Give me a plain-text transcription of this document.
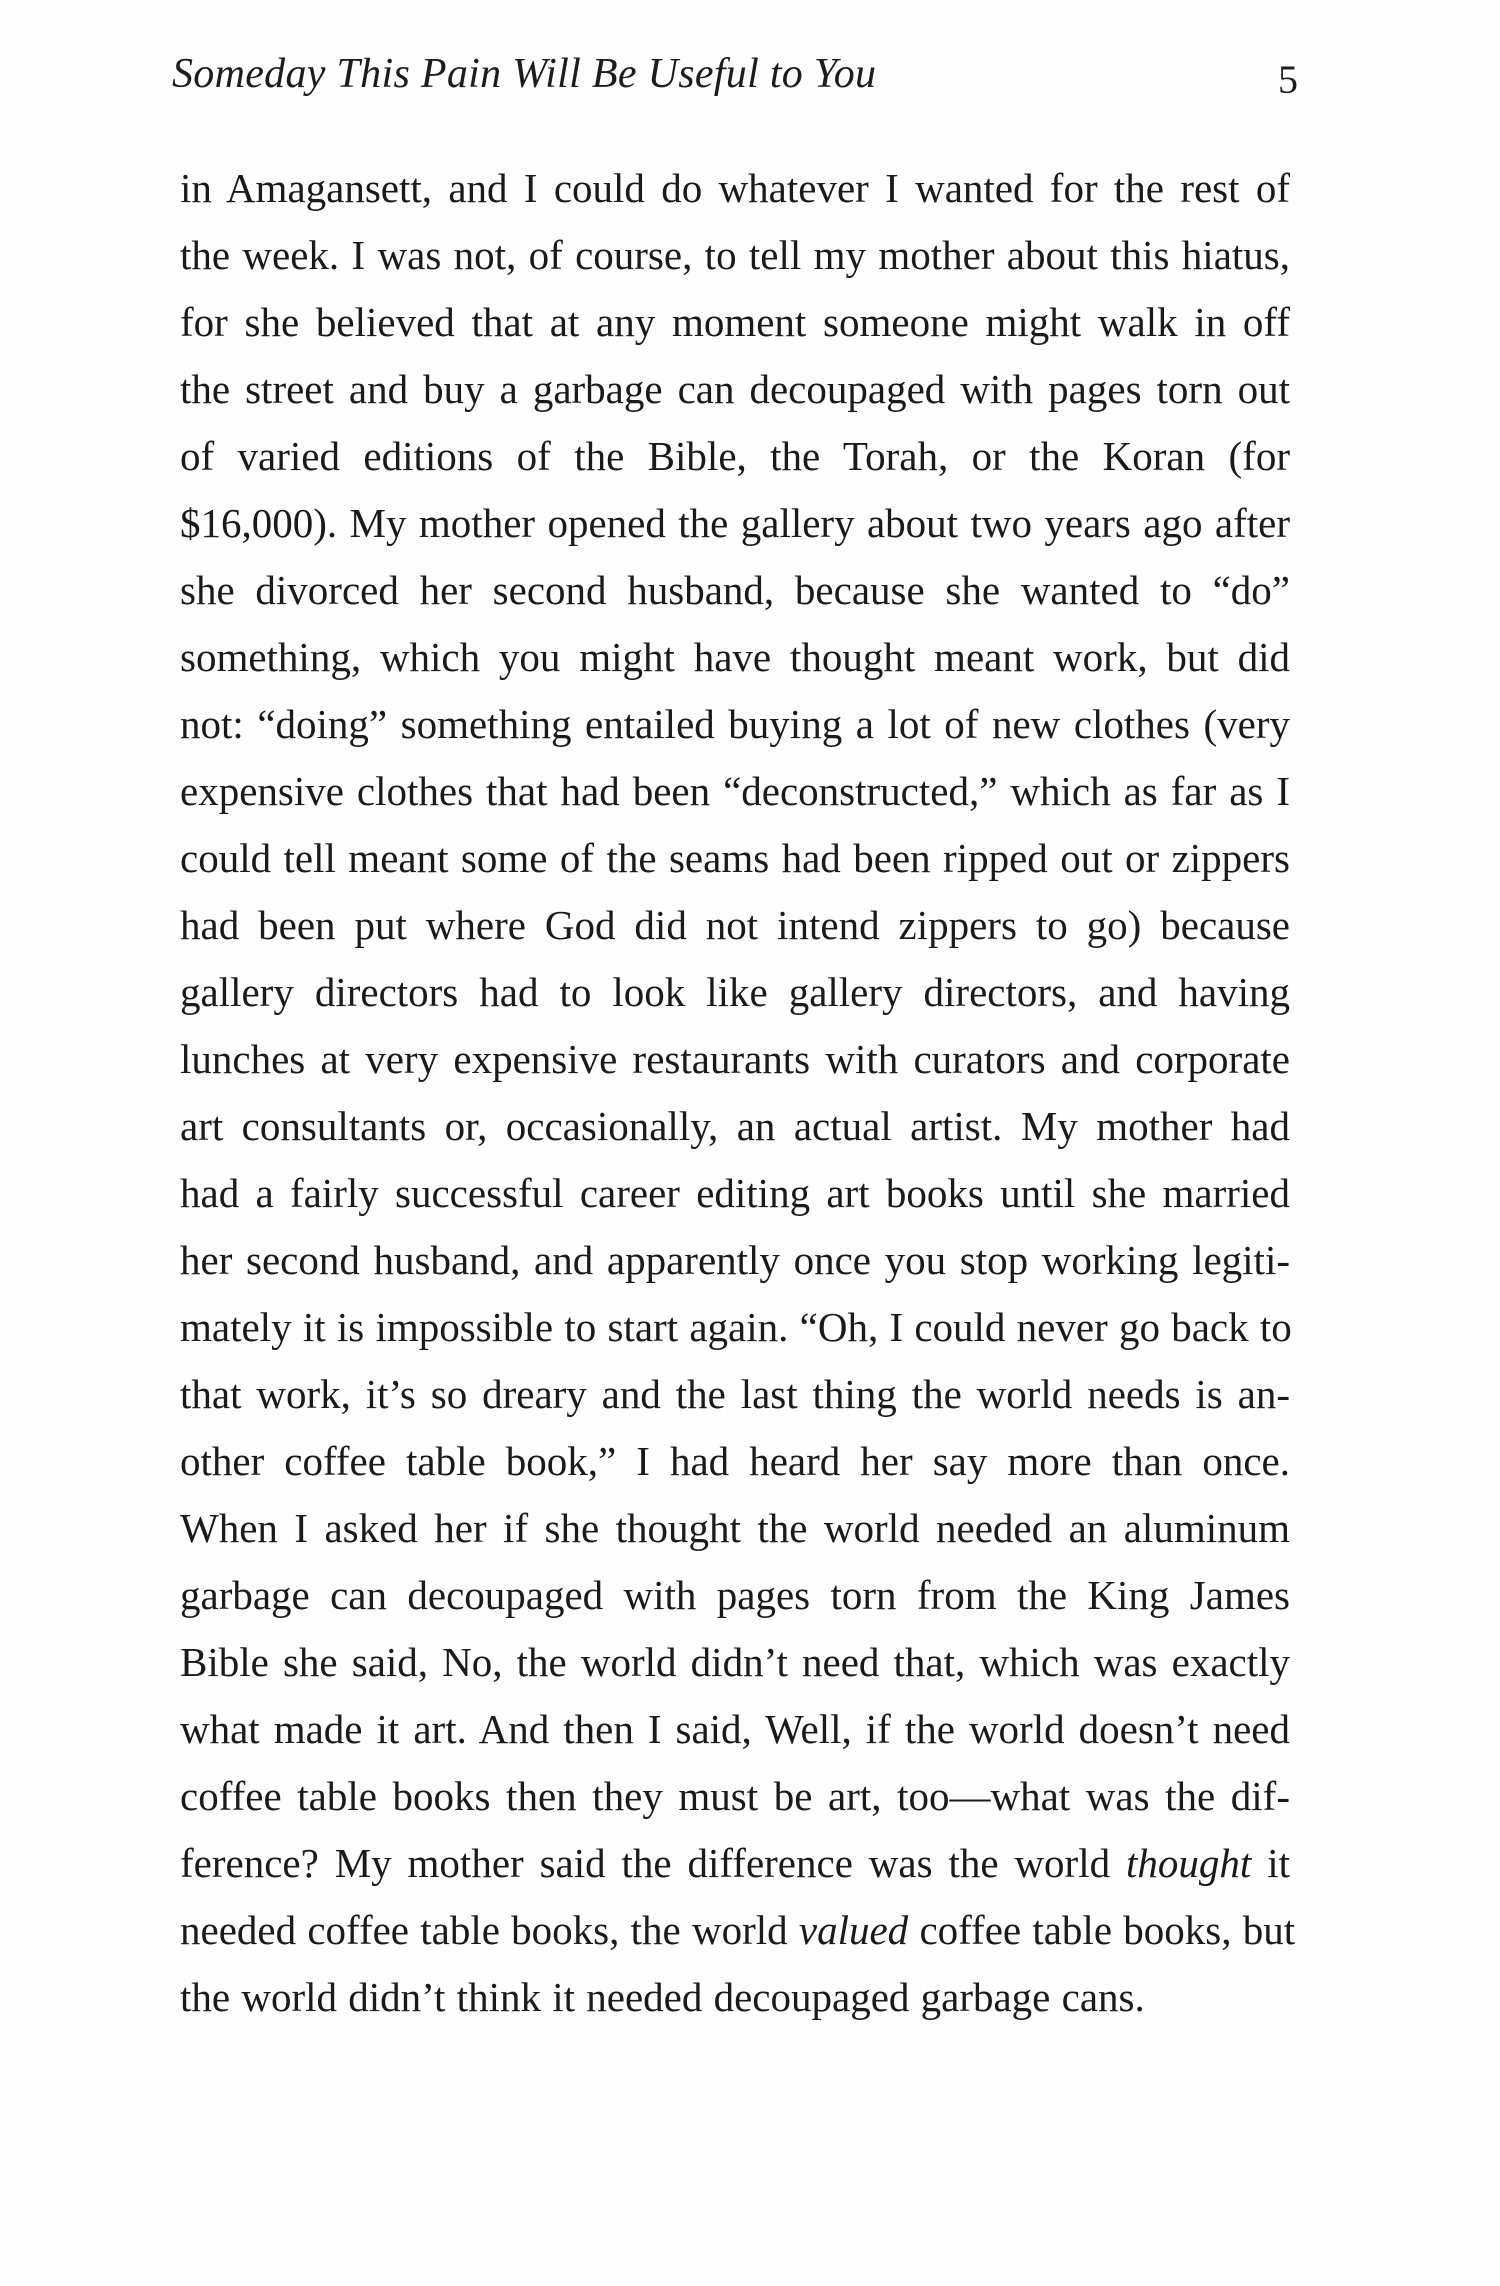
Someday This Pain Will Be Useful to You	5
in Amagansett, and I could do whatever I wanted for the rest of
the week. I was not, of course, to tell my mother about this hiatus,
for she believed that at any moment someone might walk in off
the street and buy a garbage can decoupaged with pages torn out
of varied editions of the Bible, the Torah, or the Koran (for
$16,000). My mother opened the gallery about two years ago after
she divorced her second husband, because she wanted to “do”
something, which you might have thought meant work, but did
not: “doing” something entailed buying a lot of new clothes (very
expensive clothes that had been “deconstructed,” which as far as I
could tell meant some of the seams had been ripped out or zippers
had been put where God did not intend zippers to go) because
gallery directors had to look like gallery directors, and having
lunches at very expensive restaurants with curators and corporate
art consultants or, occasionally, an actual artist. My mother had
had a fairly successful career editing art books until she married
her second husband, and apparently once you stop working legiti-
mately it is impossible to start again. “Oh, I could never go back to
that work, it’s so dreary and the last thing the world needs is an-
other coffee table book,” I had heard her say more than once.
When I asked her if she thought the world needed an aluminum
garbage can decoupaged with pages torn from the King James
Bible she said, No, the world didn’t need that, which was exactly
what made it art. And then I said, Well, if the world doesn’t need
coffee table books then they must be art, too—what was the dif-
ference? My mother said the difference was the world thought it
needed coffee table books, the world valued coffee table books, but
the world didn’t think it needed decoupaged garbage cans.
